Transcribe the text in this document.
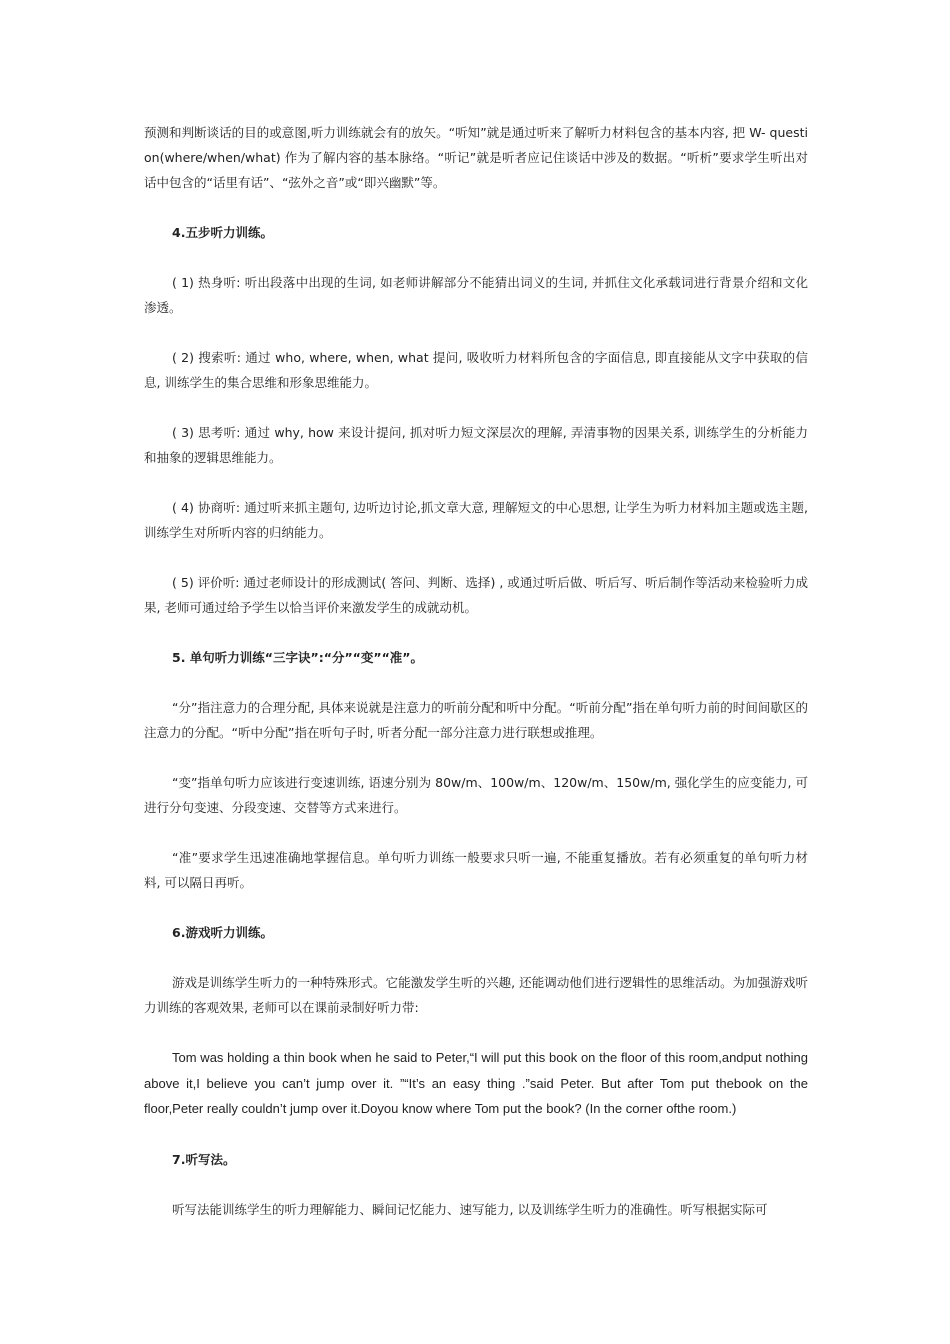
预测和判断谈话的目的或意图,听力训练就会有的放矢。“听知”就是通过听来了解听力材料包含的基本内容, 把 W- question(where/when/what) 作为了解内容的基本脉络。“听记”就是听者应记住谈话中涉及的数据。“听析”要求学生听出对话中包含的“话里有话”、“弦外之音”或“即兴幽默”等。

4.五步听力训练。

( 1) 热身听: 听出段落中出现的生词, 如老师讲解部分不能猜出词义的生词, 并抓住文化承载词进行背景介绍和文化渗透。

( 2) 搜索听: 通过 who, where, when, what 提问, 吸收听力材料所包含的字面信息, 即直接能从文字中获取的信息, 训练学生的集合思维和形象思维能力。

( 3) 思考听: 通过 why, how 来设计提问, 抓对听力短文深层次的理解, 弄清事物的因果关系, 训练学生的分析能力和抽象的逻辑思维能力。

( 4) 协商听: 通过听来抓主题句, 边听边讨论,抓文章大意, 理解短文的中心思想, 让学生为听力材料加主题或选主题, 训练学生对所听内容的归纳能力。

( 5) 评价听: 通过老师设计的形成测试( 答问、判断、选择) , 或通过听后做、听后写、听后制作等活动来检验听力成果, 老师可通过给予学生以恰当评价来激发学生的成就动机。

5. 单句听力训练“三字诀”:“分”“变”“准”。

“分”指注意力的合理分配, 具体来说就是注意力的听前分配和听中分配。“听前分配”指在单句听力前的时间间歇区的注意力的分配。“听中分配”指在听句子时, 听者分配一部分注意力进行联想或推理。

“变”指单句听力应该进行变速训练, 语速分别为 80w/m、100w/m、120w/m、150w/m, 强化学生的应变能力, 可进行分句变速、分段变速、交替等方式来进行。

“准”要求学生迅速准确地掌握信息。单句听力训练一般要求只听一遍, 不能重复播放。若有必须重复的单句听力材料, 可以隔日再听。

6.游戏听力训练。

游戏是训练学生听力的一种特殊形式。它能激发学生听的兴趣, 还能调动他们进行逻辑性的思维活动。为加强游戏听力训练的客观效果, 老师可以在课前录制好听力带:

Tom was holding a thin book when he said to Peter,“I will put this book on the floor of this room,andput nothing above it,I believe you can’t jump over it. ”“It’s an easy thing .”said Peter. But after Tom put thebook on the floor,Peter really couldn’t jump over it.Doyou know where Tom put the book? (In the corner ofthe room.)

7.听写法。

听写法能训练学生的听力理解能力、瞬间记忆能力、速写能力, 以及训练学生听力的准确性。听写根据实际可
